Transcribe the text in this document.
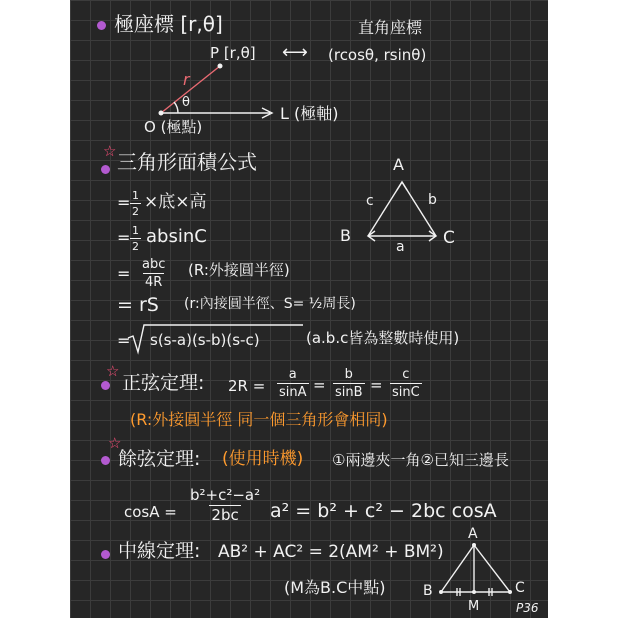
極座標 [r,θ]	直角座標
P [r,θ] ⟷ (rcosθ, rsinθ)
r
θ
O (極點)
L (極軸)
☆ 三角形面積公式
= $\frac{1}{2}$ ×底×高
= $\frac{1}{2}$ absinC
= abc
4R
(R:外接圓半徑)
= rS (r:內接圓半徑、S= ½周長)
= s(s-a)(s-b)(s-c)	(a.b.c皆為整數時使用)
A
B	C
c	b
a
☆
正弦定理: $2R = \frac{a}{\sin A} = \frac{b}{\sin B} = \frac{c}{\sin C}$
(R:外接圓半徑 同一個三角形會相同)
☆
餘弦定理: (使用時機) ①兩邊夾一角②已知三邊長
$\cos A = \frac{\text{b²+c²−a²}}{2bc} a^2 = b^2 + c^2 - 2bc$ cosA
中線定理: AB² + AC² = 2(AM² + BM²)
(M為B.C中點)
A
B	C
M	P36
